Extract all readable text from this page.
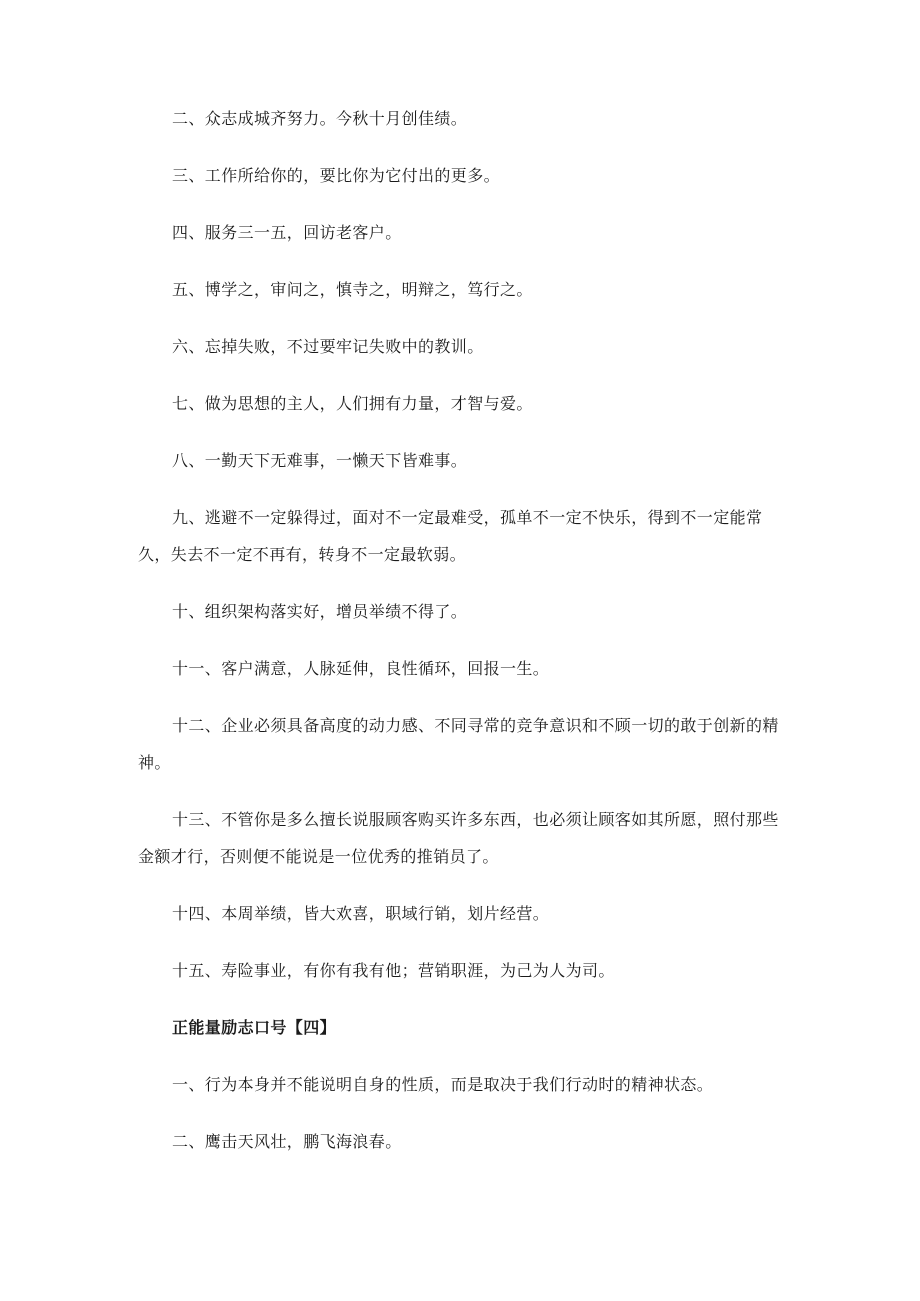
二、众志成城齐努力。今秋十月创佳绩。

三、工作所给你的，要比你为它付出的更多。

四、服务三一五，回访老客户。

五、博学之，审问之，慎寺之，明辩之，笃行之。

六、忘掉失败，不过要牢记失败中的教训。

七、做为思想的主人，人们拥有力量，才智与爱。

八、一勤天下无难事，一懒天下皆难事。

九、逃避不一定躲得过，面对不一定最难受，孤单不一定不快乐，得到不一定能常久，失去不一定不再有，转身不一定最软弱。

十、组织架构落实好，增员举绩不得了。

十一、客户满意，人脉延伸，良性循环，回报一生。

十二、企业必须具备高度的动力感、不同寻常的竞争意识和不顾一切的敢于创新的精神。

十三、不管你是多么擅长说服顾客购买许多东西，也必须让顾客如其所愿，照付那些金额才行，否则便不能说是一位优秀的推销员了。

十四、本周举绩，皆大欢喜，职域行销，划片经营。

十五、寿险事业，有你有我有他；营销职涯，为己为人为司。

正能量励志口号【四】

一、行为本身并不能说明自身的性质，而是取决于我们行动时的精神状态。

二、鹰击天风壮，鹏飞海浪春。
